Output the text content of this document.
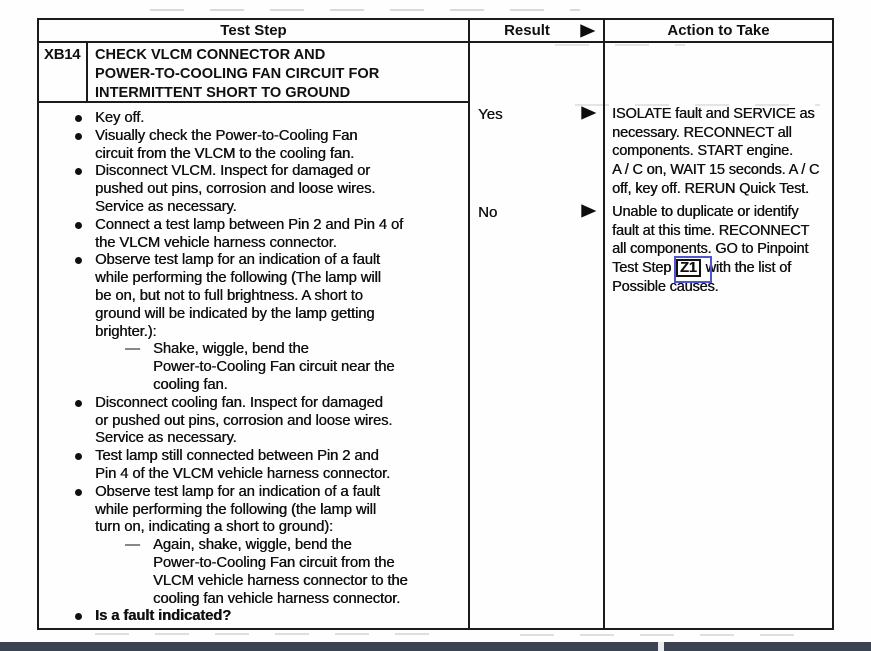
Test Step	Result	▶	Action to Take
XB14	CHECK VLCM CONNECTOR AND
POWER-TO-COOLING FAN CIRCUIT FOR
INTERMITTENT SHORT TO GROUND
Key off.
Visually check the Power-to-Cooling Fan
circuit from the VLCM to the cooling fan.
Disconnect VLCM. Inspect for damaged or
pushed out pins, corrosion and loose wires.
Service as necessary.
Connect a test lamp between Pin 2 and Pin 4 of
the VLCM vehicle harness connector.
Observe test lamp for an indication of a fault
while performing the following (The lamp will
be on, but not to full brightness. A short to
ground will be indicated by the lamp getting
brighter.):
— Shake, wiggle, bend the
Power-to-Cooling Fan circuit near the
cooling fan.
Disconnect cooling fan. Inspect for damaged
or pushed out pins, corrosion and loose wires.
Service as necessary.
Test lamp still connected between Pin 2 and
Pin 4 of the VLCM vehicle harness connector.
Observe test lamp for an indication of a fault
while performing the following (the lamp will
turn on, indicating a short to ground):
— Again, shake, wiggle, bend the
Power-to-Cooling Fan circuit from the
VLCM vehicle harness connector to the
cooling fan vehicle harness connector.
Is a fault indicated?
Yes	▶ ISOLATE fault and SERVICE as
necessary. RECONNECT all
components. START engine.
A / C on, WAIT 15 seconds. A / C
off, key off. RERUN Quick Test.
No	▶ Unable to duplicate or identify
fault at this time. RECONNECT
all components. GO to Pinpoint
Test Step Z1
with the list of
Possible causes.
